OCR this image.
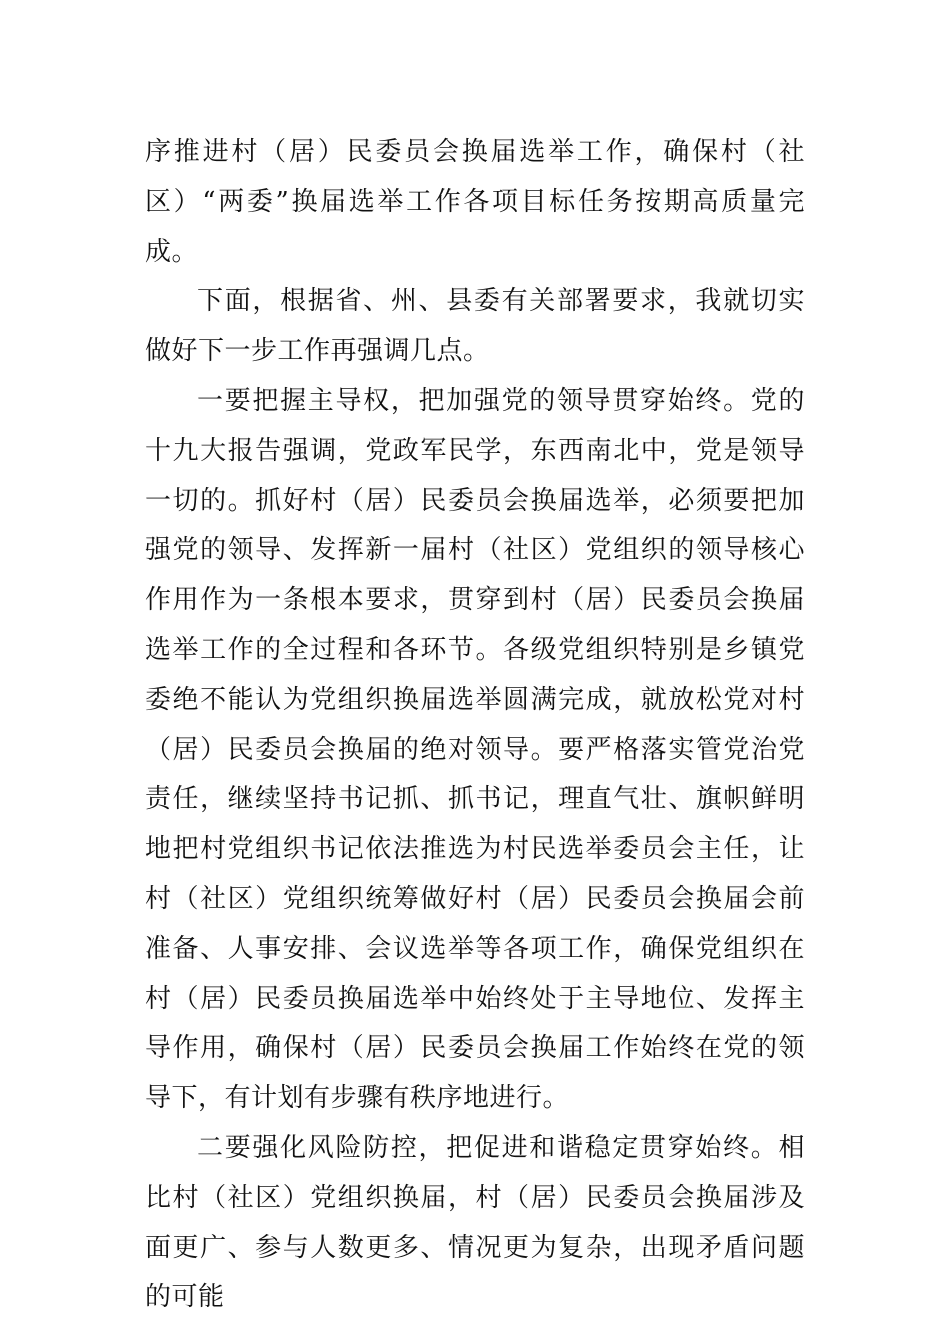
序推进村（居）民委员会换届选举工作，确保村（社区）“两委”换届选举工作各项目标任务按期高质量完成。

下面，根据省、州、县委有关部署要求，我就切实做好下一步工作再强调几点。

一要把握主导权，把加强党的领导贯穿始终。党的十九大报告强调，党政军民学，东西南北中，党是领导一切的。抓好村（居）民委员会换届选举，必须要把加强党的领导、发挥新一届村（社区）党组织的领导核心作用作为一条根本要求，贯穿到村（居）民委员会换届选举工作的全过程和各环节。各级党组织特别是乡镇党委绝不能认为党组织换届选举圆满完成，就放松党对村（居）民委员会换届的绝对领导。要严格落实管党治党责任，继续坚持书记抓、抓书记，理直气壮、旗帜鲜明地把村党组织书记依法推选为村民选举委员会主任，让村（社区）党组织统筹做好村（居）民委员会换届会前准备、人事安排、会议选举等各项工作，确保党组织在村（居）民委员换届选举中始终处于主导地位、发挥主导作用，确保村（居）民委员会换届工作始终在党的领导下，有计划有步骤有秩序地进行。

二要强化风险防控，把促进和谐稳定贯穿始终。相比村（社区）党组织换届，村（居）民委员会换届涉及面更广、参与人数更多、情况更为复杂，出现矛盾问题的可能
